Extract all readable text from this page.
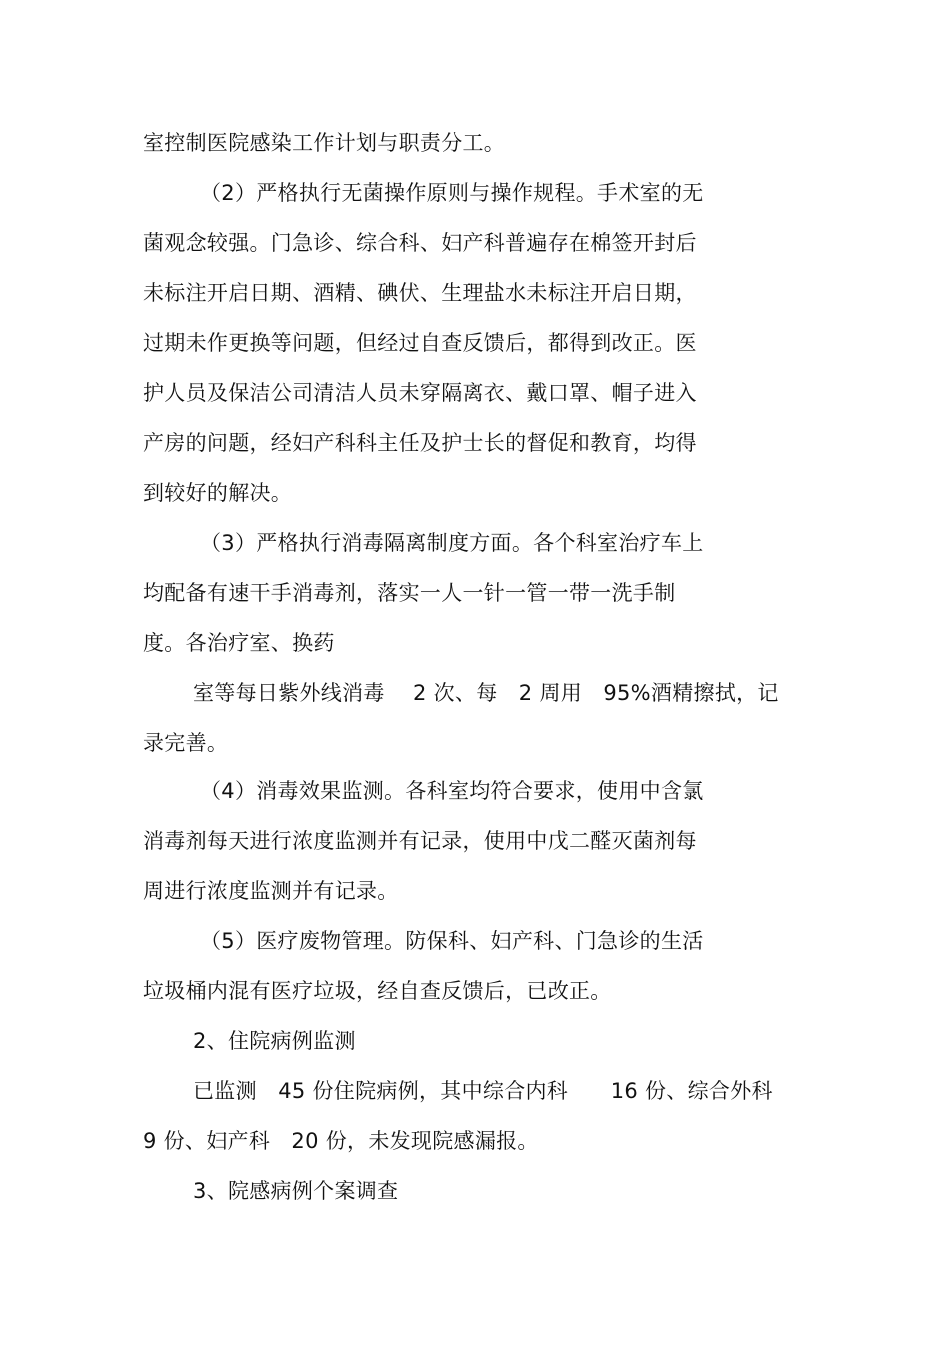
室控制医院感染工作计划与职责分工。
（2）严格执行无菌操作原则与操作规程。手术室的无
菌观念较强。门急诊、综合科、妇产科普遍存在棉签开封后
未标注开启日期、酒精、碘伏、生理盐水未标注开启日期，
过期未作更换等问题，但经过自查反馈后，都得到改正。医
护人员及保洁公司清洁人员未穿隔离衣、戴口罩、帽子进入
产房的问题，经妇产科科主任及护士长的督促和教育，均得
到较好的解决。
（3）严格执行消毒隔离制度方面。各个科室治疗车上
均配备有速干手消毒剂，落实一人一针一管一带一洗手制
度。各治疗室、换药
室等每日紫外线消毒　 2 次、每　2 周用　95%酒精擦拭，记
录完善。
（4）消毒效果监测。各科室均符合要求，使用中含氯
消毒剂每天进行浓度监测并有记录，使用中戊二醛灭菌剂每
周进行浓度监测并有记录。
（5）医疗废物管理。防保科、妇产科、门急诊的生活
垃圾桶内混有医疗垃圾，经自查反馈后，已改正。
2、住院病例监测
已监测　45 份住院病例，其中综合内科　　16 份、综合外科
9 份、妇产科　20 份，未发现院感漏报。
3、院感病例个案调查
